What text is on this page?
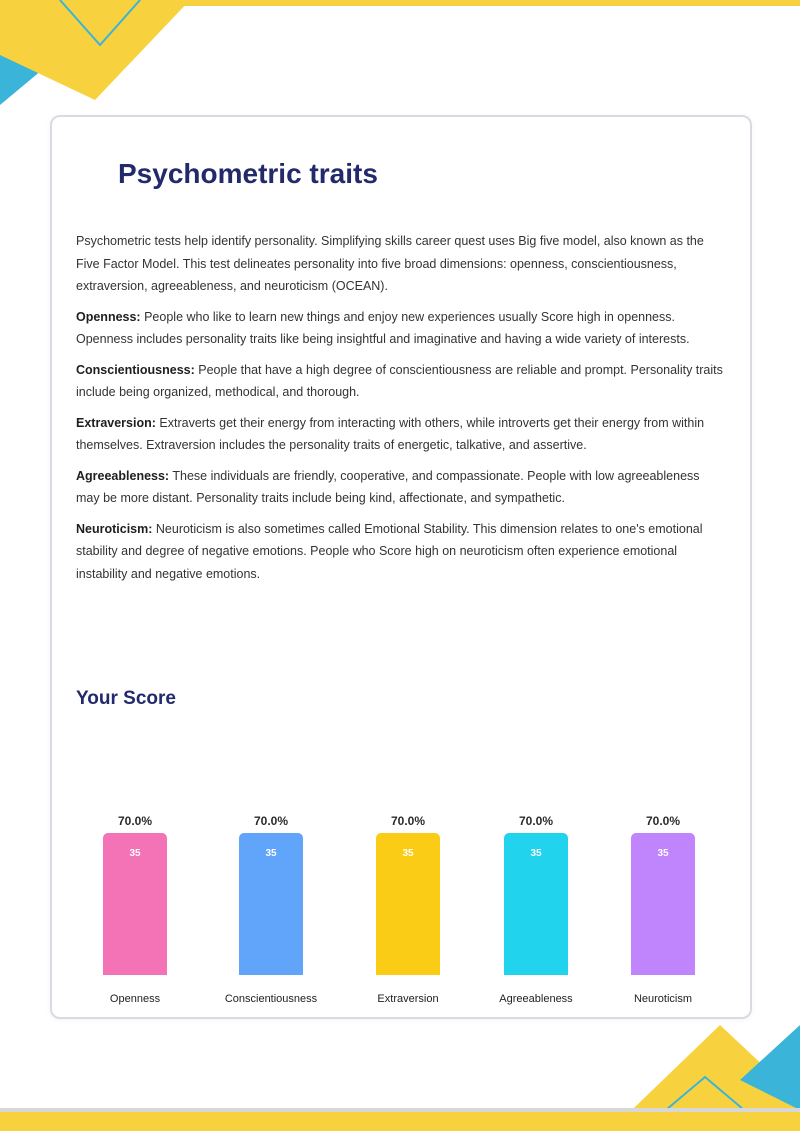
Psychometric traits

Psychometric tests help identify personality. Simplifying skills career quest uses Big five model, also known as the Five Factor Model. This test delineates personality into five broad dimensions: openness, conscientiousness, extraversion, agreeableness, and neuroticism (OCEAN).

Openness: People who like to learn new things and enjoy new experiences usually Score high in openness. Openness includes personality traits like being insightful and imaginative and having a wide variety of interests.

Conscientiousness: People that have a high degree of conscientiousness are reliable and prompt. Personality traits include being organized, methodical, and thorough.

Extraversion: Extraverts get their energy from interacting with others, while introverts get their energy from within themselves. Extraversion includes the personality traits of energetic, talkative, and assertive.

Agreeableness: These individuals are friendly, cooperative, and compassionate. People with low agreeableness may be more distant. Personality traits include being kind, affectionate, and sympathetic.

Neuroticism: Neuroticism is also sometimes called Emotional Stability. This dimension relates to one's emotional stability and degree of negative emotions. People who Score high on neuroticism often experience emotional instability and negative emotions.

Your Score
70.0%
35
Openness
70.0%
35
Conscientiousness
70.0%
35
Extraversion
70.0%
35
Agreeableness
70.0%
35
Neuroticism
